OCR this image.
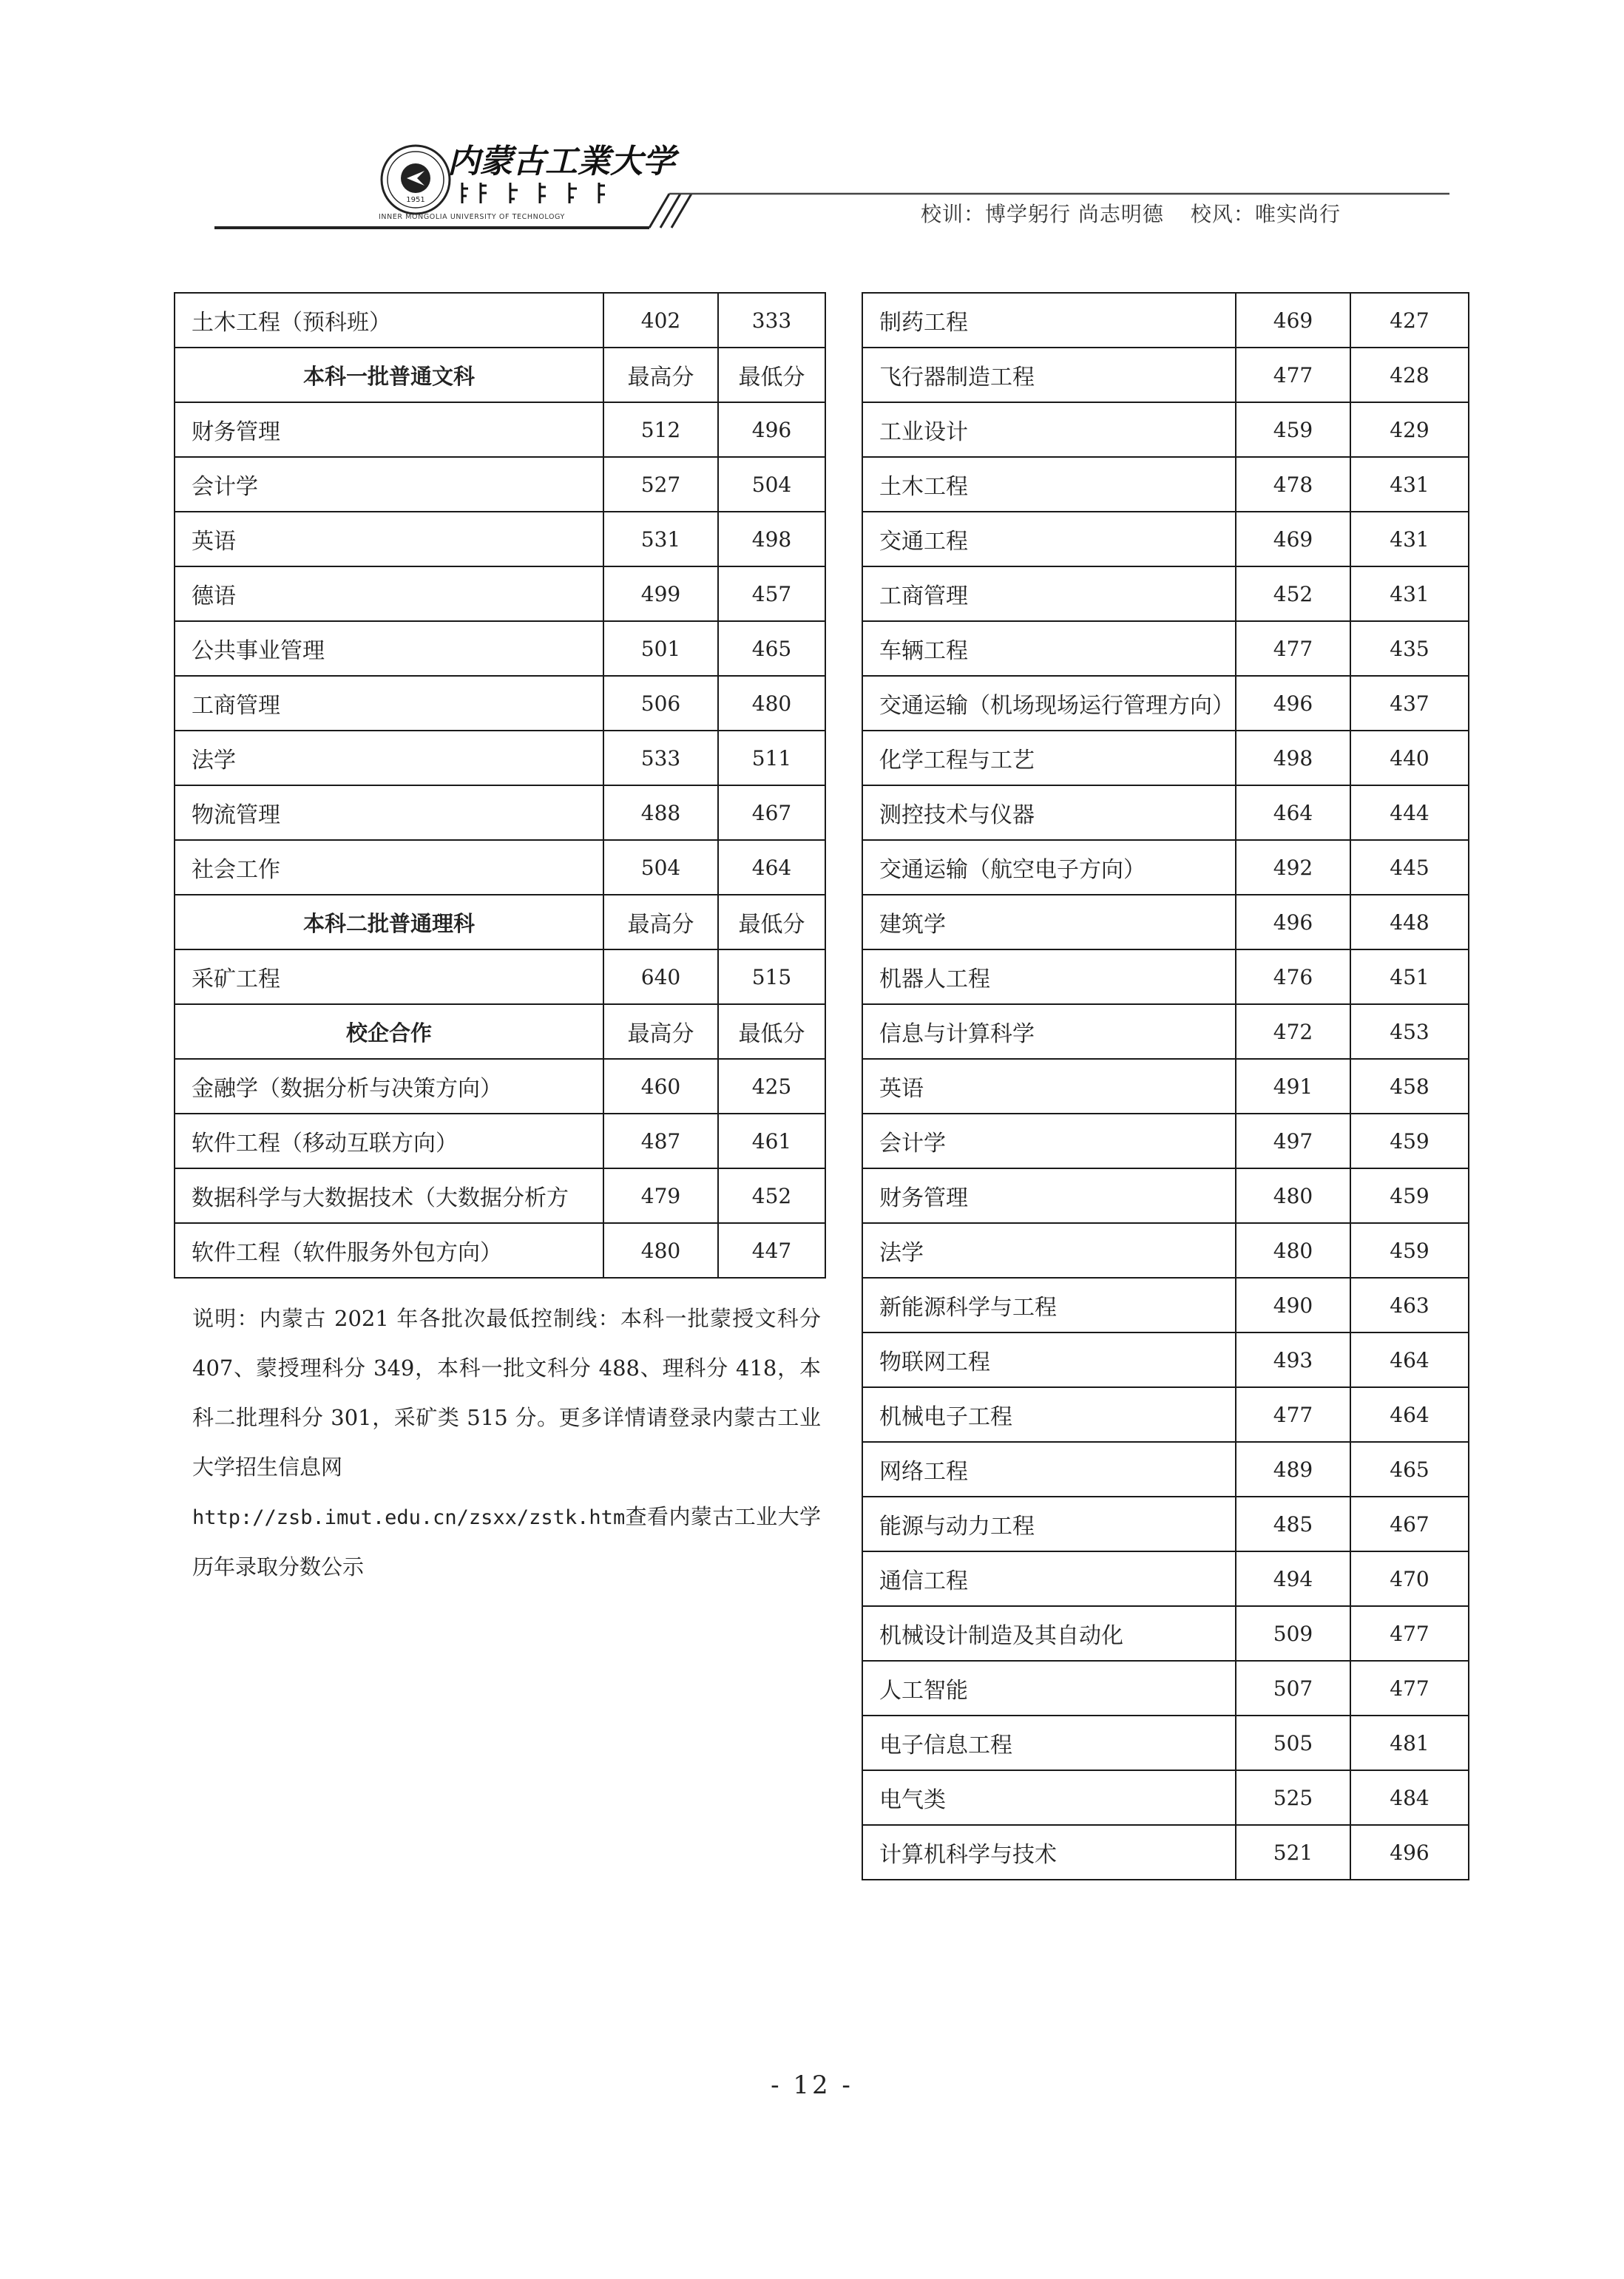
1951
内蒙古工業大学
INNER MONGOLIA UNIVERSITY OF TECHNOLOGY	校训：博学躬行 尚志明德 校风：唯实尚行
土木工程（预科班）	402	333
本科一批普通文科	最高分	最低分
财务管理	512	496
会计学	527	504
英语	531	498
德语	499	457
公共事业管理	501	465
工商管理	506	480
法学	533	511
物流管理	488	467
社会工作	504	464
本科二批普通理科	最高分	最低分
采矿工程	640	515
校企合作	最高分	最低分
金融学（数据分析与决策方向）	460	425
软件工程（移动互联方向）	487	461
数据科学与大数据技术（大数据分析方	479	452
软件工程（软件服务外包方向）	480	447
制药工程	469	427
飞行器制造工程	477	428
工业设计	459	429
土木工程	478	431
交通工程	469	431
工商管理	452	431
车辆工程	477	435
交通运输（机场现场运行管理方向）	496	437
化学工程与工艺	498	440
测控技术与仪器	464	444
交通运输（航空电子方向）	492	445
建筑学	496	448
机器人工程	476	451
信息与计算科学	472	453
英语	491	458
会计学	497	459
财务管理	480	459
法学	480	459
新能源科学与工程	490	463
物联网工程	493	464
机械电子工程	477	464
网络工程	489	465
能源与动力工程	485	467
通信工程	494	470
机械设计制造及其自动化	509	477
人工智能	507	477
电子信息工程	505	481
电气类	525	484
计算机科学与技术	521	496

说明：内蒙古 2021 年各批次最低控制线：本科一批蒙授文科分 407、蒙授理科分 349，本科一批文科分 488、理科分 418，本科二批理科分 301，采矿类 515 分。更多详情请登录内蒙古工业大学招生信息网

http://zsb.imut.edu.cn/zsxx/zstk.htm查看内蒙古工业大学历年录取分数公示

- 12 -
